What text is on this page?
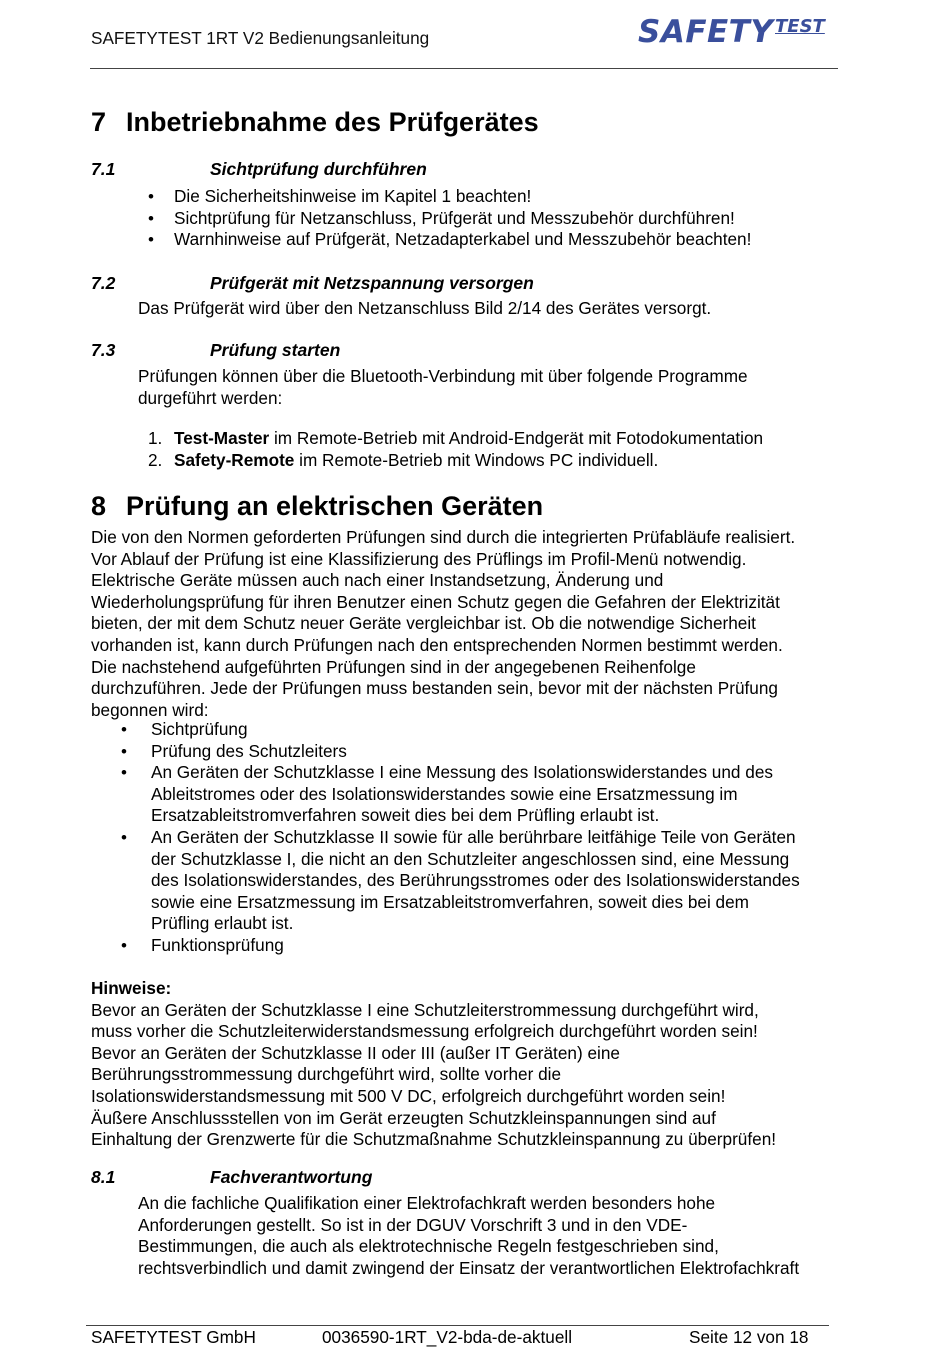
SAFETYTEST 1RT V2 Bedienungsanleitung	SAFETY TEST
7 Inbetriebnahme des Prüfgerätes
7.1	Sichtprüfung durchführen
• Die Sicherheitshinweise im Kapitel 1 beachten!
• Sichtprüfung für Netzanschluss, Prüfgerät und Messzubehör durchführen!
• Warnhinweise auf Prüfgerät, Netzadapterkabel und Messzubehör beachten!
7.2	Prüfgerät mit Netzspannung versorgen
Das Prüfgerät wird über den Netzanschluss Bild 2/14 des Gerätes versorgt.
7.3	Prüfung starten

Prüfungen können über die Bluetooth-Verbindung mit über folgende Programme

durgeführt werden:

1. Test-Master im Remote-Betrieb mit Android-Endgerät mit Fotodokumentation
2. Safety-Remote im Remote-Betrieb mit Windows PC individuell.
8 Prüfung an elektrischen Geräten

Die von den Normen geforderten Prüfungen sind durch die integrierten Prüfabläufe realisiert.

Vor Ablauf der Prüfung ist eine Klassifizierung des Prüflings im Profil-Menü notwendig.

Elektrische Geräte müssen auch nach einer Instandsetzung, Änderung und

Wiederholungsprüfung für ihren Benutzer einen Schutz gegen die Gefahren der Elektrizität

bieten, der mit dem Schutz neuer Geräte vergleichbar ist. Ob die notwendige Sicherheit

vorhanden ist, kann durch Prüfungen nach den entsprechenden Normen bestimmt werden.

Die nachstehend aufgeführten Prüfungen sind in der angegebenen Reihenfolge

durchzuführen. Jede der Prüfungen muss bestanden sein, bevor mit der nächsten Prüfung

begonnen wird:

• Sichtprüfung

• Prüfung des Schutzleiters

• An Geräten der Schutzklasse I eine Messung des Isolationswiderstandes und des

Ableitstromes oder des Isolationswiderstandes sowie eine Ersatzmessung im

Ersatzableitstromverfahren soweit dies bei dem Prüfling erlaubt ist.

• An Geräten der Schutzklasse II sowie für alle berührbare leitfähige Teile von Geräten

der Schutzklasse I, die nicht an den Schutzleiter angeschlossen sind, eine Messung

des Isolationswiderstandes, des Berührungsstromes oder des Isolationswiderstandes

sowie eine Ersatzmessung im Ersatzableitstromverfahren, soweit dies bei dem

Prüfling erlaubt ist.

• Funktionsprüfung

Hinweise:

Bevor an Geräten der Schutzklasse I eine Schutzleiterstrommessung durchgeführt wird,

muss vorher die Schutzleiterwiderstandsmessung erfolgreich durchgeführt worden sein!

Bevor an Geräten der Schutzklasse II oder III (außer IT Geräten) eine

Berührungsstrommessung durchgeführt wird, sollte vorher die

Isolationswiderstandsmessung mit 500 V DC, erfolgreich durchgeführt worden sein!

Äußere Anschlussstellen von im Gerät erzeugten Schutzkleinspannungen sind auf

Einhaltung der Grenzwerte für die Schutzmaßnahme Schutzkleinspannung zu überprüfen!

8.1	Fachverantwortung

An die fachliche Qualifikation einer Elektrofachkraft werden besonders hohe

Anforderungen gestellt. So ist in der DGUV Vorschrift 3 und in den VDE-

Bestimmungen, die auch als elektrotechnische Regeln festgeschrieben sind,

rechtsverbindlich und damit zwingend der Einsatz der verantwortlichen Elektrofachkraft

SAFETYTEST GmbH	0036590-1RT_V2-bda-de-aktuell	Seite 12 von 18
